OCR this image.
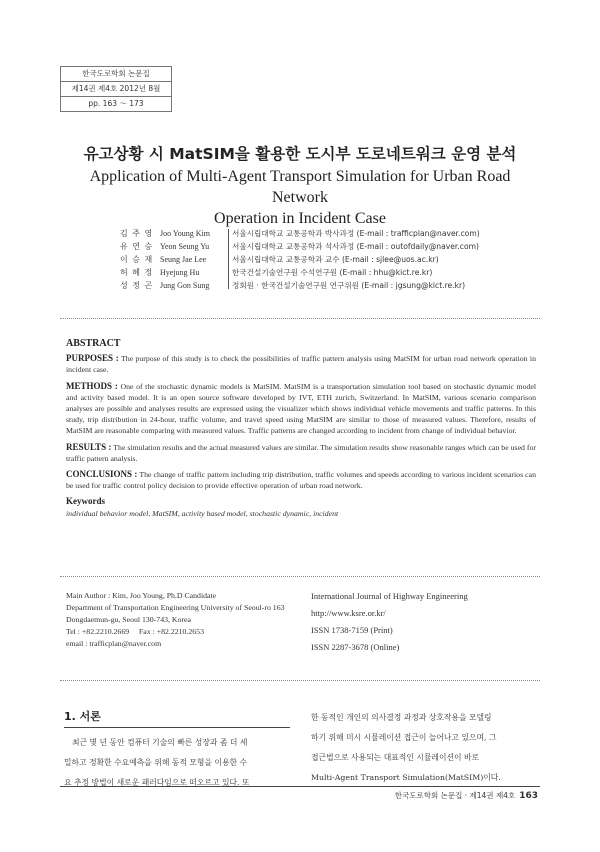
한국도로학회 논문집
제14권 제4호 2012년 8월
pp. 163 ～ 173
유고상황 시 MatSIM을 활용한 도시부 도로네트워크 운영 분석
Application of Multi-Agent Transport Simulation for Urban Road Network
Operation in Incident Case
김 주 영 Joo Young Kim	서울시립대학교 교통공학과 박사과정 (E-mail : trafficplan@naver.com)
유 연 승 Yeon Seung Yu	서울시립대학교 교통공학과 석사과정 (E-mail : outofdaily@naver.com)
이 승 재 Seung Jae Lee	서울시립대학교 교통공학과 교수 (E-mail : sjlee@uos.ac.kr)
허 혜 정 Hyejung Hu	한국건설기술연구원 수석연구원 (E-mail : hhu@kict.re.kr)
성 정 곤 Jung Gon Sung	정회원 · 한국건설기술연구원 연구위원 (E-mail : jgsung@kict.re.kr)
ABSTRACT

PURPOSES : The purpose of this study is to check the possibilities of traffic pattern analysis using MatSIM for urban road network operation in incident case.

METHODS : One of the stochastic dynamic models is MatSIM. MatSIM is a transportation simulation tool based on stochastic dynamic model and activity based model. It is an open source software developed by IVT, ETH zurich, Switzerland. In MatSIM, various scenario comparison analyses are possible and analyses results are expressed using the visualizer which shows individual vehicle movements and traffic patterns. In this study, trip distribution in 24-hour, traffic volume, and travel speed using MatSIM are similar to those of measured values. Therefore, results of MatSIM are reasonable comparing with measured values. Traffic patterns are changed according to incident from change of individual behavior.

RESULTS : The simulation results and the actual measured values are similar. The simulation results show reasonable ranges which can be used for traffic pattern analysis.

CONCLUSIONS : The change of traffic pattern including trip distribution, traffic volumes and speeds according to various incident scenarios can be used for traffic control policy decision to provide effective operation of urban road network.

Keywords
individual behavior model, MatSIM, activity based model, stochastic dynamic, incident
Main Author : Kim, Joo Young, Ph.D Candidate
Department of Transportation Engineering University of Seoul-ro 163
Dongdaemun-gu, Seoul 130-743, Korea
Tel : +82.2210.2669     Fax : +82.2210.2653
email : trafficplan@naver.com
International Journal of Highway Engineering
http://www.ksre.or.kr/
ISSN 1738-7159 (Print)
ISSN 2287-3678 (Online)
1. 서론
최근 몇 년 동안 컴퓨터 기술의 빠른 성장과 좀 더 세
밀하고 정확한 수요예측을 위해 동적 모형을 이용한 수
요 추정 방법이 새로운 패러다임으로 떠오르고 있다. 또
한 동적인 개인의 의사결정 과정과 상호작용을 모델링
하기 위해 미시 시뮬레이션 접근이 늘어나고 있으며, 그
접근법으로 사용되는 대표적인 시뮬레이션이 바로
Multi-Agent Transport Simulation(MatSIM)이다.
한국도로학회 논문집 · 제14권 제4호 163
